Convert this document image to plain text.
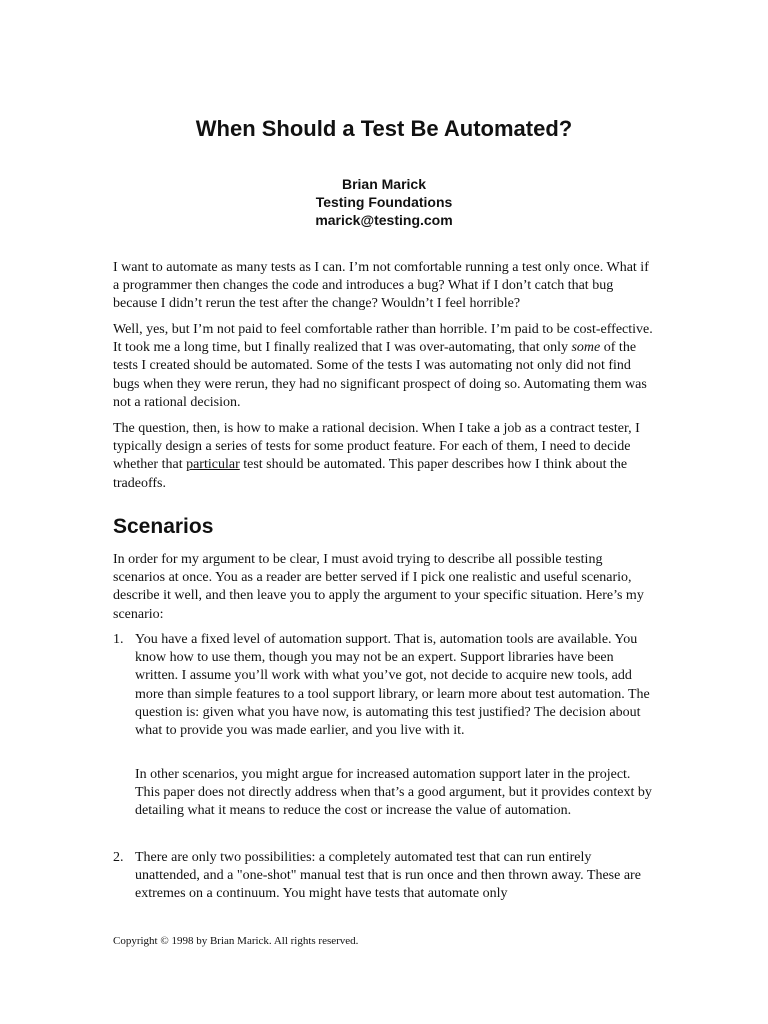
When Should a Test Be Automated?
Brian Marick
Testing Foundations
marick@testing.com

I want to automate as many tests as I can. I’m not comfortable running a test only once. What if a programmer then changes the code and introduces a bug? What if I don’t catch that bug because I didn’t rerun the test after the change? Wouldn’t I feel horrible?

Well, yes, but I’m not paid to feel comfortable rather than horrible. I’m paid to be cost-effective. It took me a long time, but I finally realized that I was over-automating, that only some of the tests I created should be automated. Some of the tests I was automating not only did not find bugs when they were rerun, they had no significant prospect of doing so. Automating them was not a rational decision.

The question, then, is how to make a rational decision. When I take a job as a contract tester, I typically design a series of tests for some product feature. For each of them, I need to decide whether that particular test should be automated. This paper describes how I think about the tradeoffs.

Scenarios

In order for my argument to be clear, I must avoid trying to describe all possible testing scenarios at once. You as a reader are better served if I pick one realistic and useful scenario, describe it well, and then leave you to apply the argument to your specific situation. Here’s my scenario:

1. You have a fixed level of automation support. That is, automation tools are available. You know how to use them, though you may not be an expert. Support libraries have been written. I assume you’ll work with what you’ve got, not decide to acquire new tools, add more than simple features to a tool support library, or learn more about test automation. The question is: given what you have now, is automating this test justified? The decision about what to provide you was made earlier, and you live with it.

In other scenarios, you might argue for increased automation support later in the project. This paper does not directly address when that’s a good argument, but it provides context by detailing what it means to reduce the cost or increase the value of automation.

2. There are only two possibilities: a completely automated test that can run entirely unattended, and a "one-shot" manual test that is run once and then thrown away. These are extremes on a continuum. You might have tests that automate only

Copyright © 1998 by Brian Marick. All rights reserved.
